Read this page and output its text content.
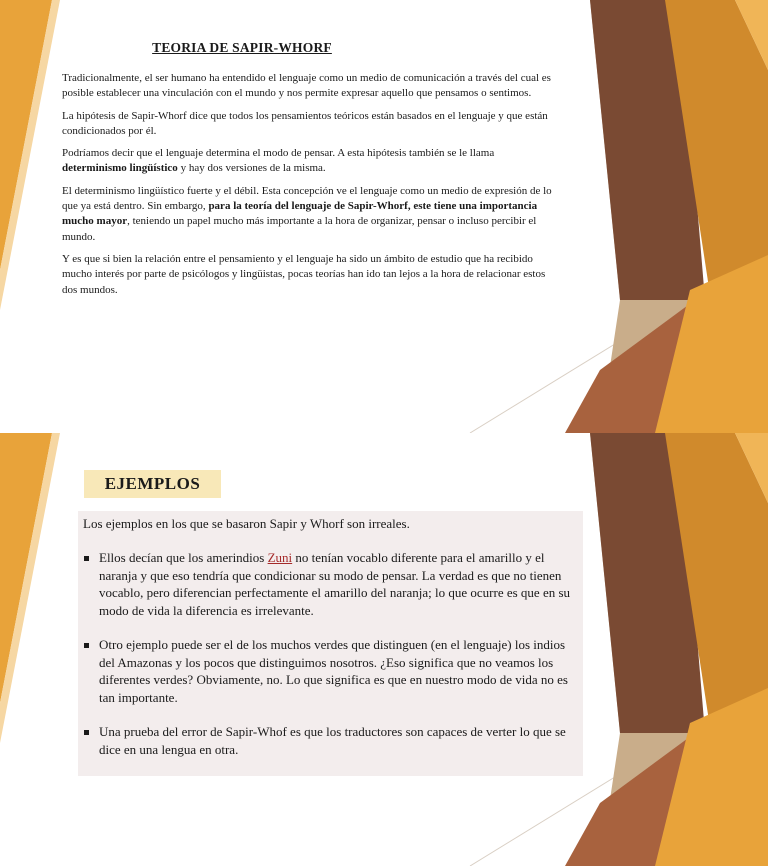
TEORIA DE SAPIR-WHORF

Tradicionalmente, el ser humano ha entendido el lenguaje como un medio de comunicación a través del cual es posible establecer una vinculación con el mundo y nos permite expresar aquello que pensamos o sentimos.

La hipótesis de Sapir-Whorf dice que todos los pensamientos teóricos están basados en el lenguaje y que están condicionados por él.

Podríamos decir que el lenguaje determina el modo de pensar. A esta hipótesis también se le llama determinismo lingüístico y hay dos versiones de la misma.

El determinismo lingüístico fuerte y el débil. Esta concepción ve el lenguaje como un medio de expresión de lo que ya está dentro. Sin embargo, para la teoría del lenguaje de Sapir-Whorf, este tiene una importancia mucho mayor, teniendo un papel mucho más importante a la hora de organizar, pensar o incluso percibir el mundo.

Y es que si bien la relación entre el pensamiento y el lenguaje ha sido un ámbito de estudio que ha recibido mucho interés por parte de psicólogos y lingüistas, pocas teorías han ido tan lejos a la hora de relacionar estos dos mundos.

EJEMPLOS
Los ejemplos en los que se basaron Sapir y Whorf son irreales.
Ellos decían que los amerindios Zuni no tenían vocablo diferente para el amarillo y el naranja y que eso tendría que condicionar su modo de pensar. La verdad es que no tienen vocablo, pero diferencian perfectamente el amarillo del naranja; lo que ocurre es que en su modo de vida la diferencia es irrelevante.
Otro ejemplo puede ser el de los muchos verdes que distinguen (en el lenguaje) los indios del Amazonas y los pocos que distinguimos nosotros. ¿Eso significa que no veamos los diferentes verdes? Obviamente, no. Lo que significa es que en nuestro modo de vida no es tan importante.
Una prueba del error de Sapir-Whof es que los traductores son capaces de verter lo que se dice en una lengua en otra.
